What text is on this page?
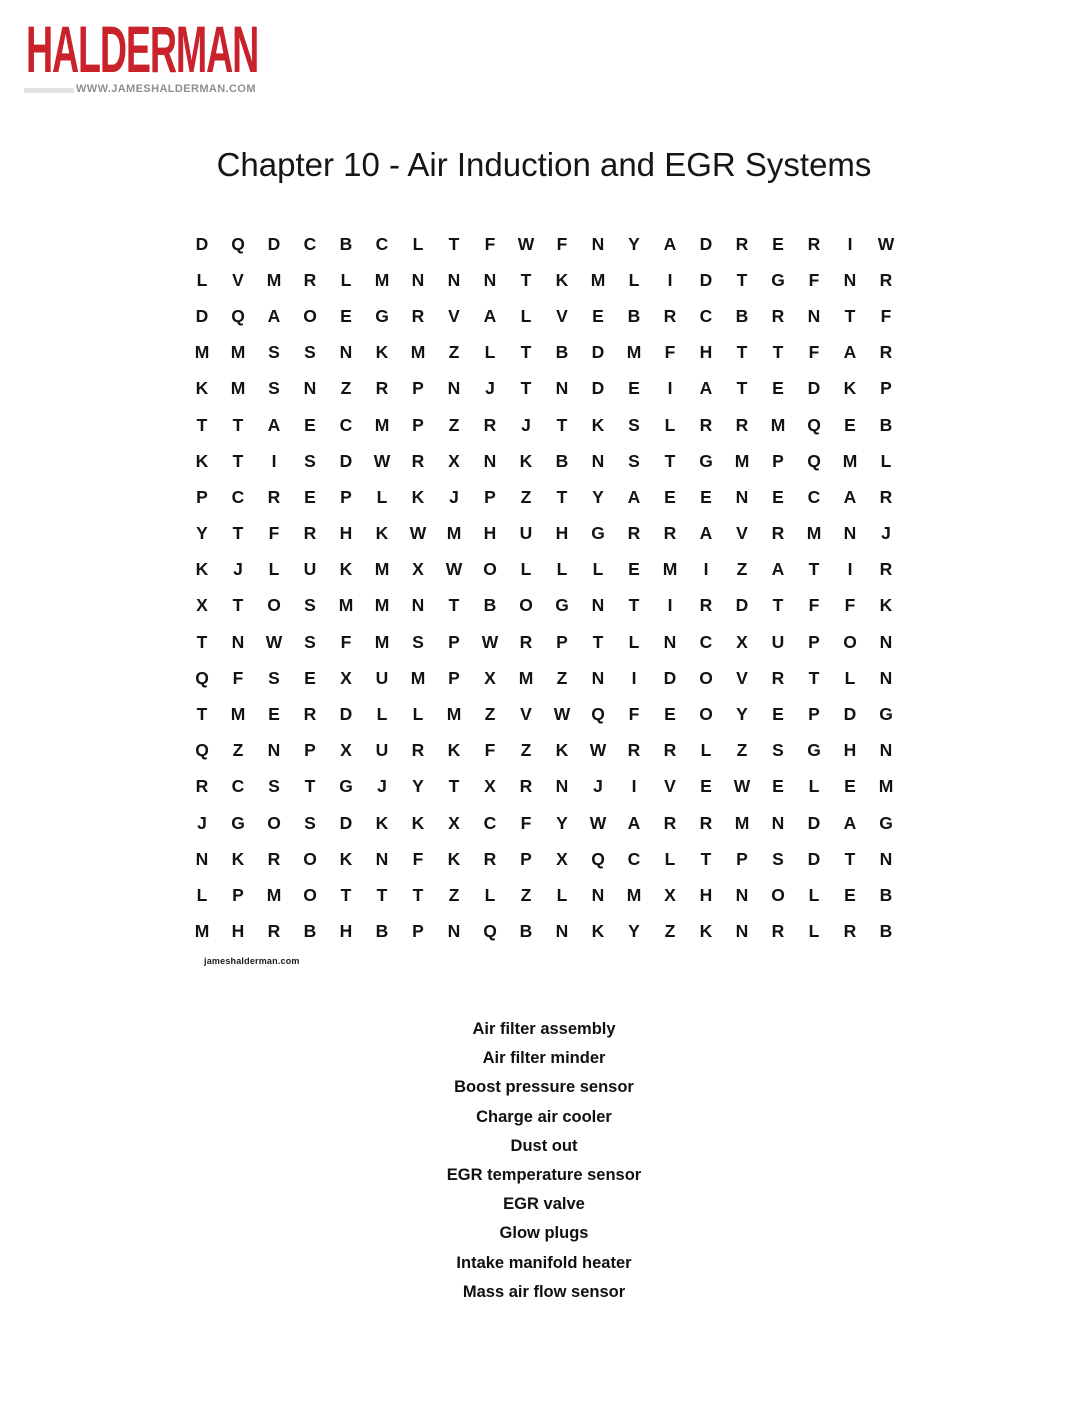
HALDERMAN
WWW.JAMESHALDERMAN.COM
Chapter 10 - Air Induction and EGR Systems
D	Q	D	C	B	C	L	T	F	W	F	N	Y	A	D	R	E	R	I	W
L	V	M	R	L	M	N	N	N	T	K	M	L	I	D	T	G	F	N	R
D	Q	A	O	E	G	R	V	A	L	V	E	B	R	C	B	R	N	T	F
M	M	S	S	N	K	M	Z	L	T	B	D	M	F	H	T	T	F	A	R
K	M	S	N	Z	R	P	N	J	T	N	D	E	I	A	T	E	D	K	P
T	T	A	E	C	M	P	Z	R	J	T	K	S	L	R	R	M	Q	E	B
K	T	I	S	D	W	R	X	N	K	B	N	S	T	G	M	P	Q	M	L
P	C	R	E	P	L	K	J	P	Z	T	Y	A	E	E	N	E	C	A	R
Y	T	F	R	H	K	W	M	H	U	H	G	R	R	A	V	R	M	N	J
K	J	L	U	K	M	X	W	O	L	L	L	E	M	I	Z	A	T	I	R
X	T	O	S	M	M	N	T	B	O	G	N	T	I	R	D	T	F	F	K
T	N	W	S	F	M	S	P	W	R	P	T	L	N	C	X	U	P	O	N
Q	F	S	E	X	U	M	P	X	M	Z	N	I	D	O	V	R	T	L	N
T	M	E	R	D	L	L	M	Z	V	W	Q	F	E	O	Y	E	P	D	G
Q	Z	N	P	X	U	R	K	F	Z	K	W	R	R	L	Z	S	G	H	N
R	C	S	T	G	J	Y	T	X	R	N	J	I	V	E	W	E	L	E	M
J	G	O	S	D	K	K	X	C	F	Y	W	A	R	R	M	N	D	A	G
N	K	R	O	K	N	F	K	R	P	X	Q	C	L	T	P	S	D	T	N
L	P	M	O	T	T	T	Z	L	Z	L	N	M	X	H	N	O	L	E	B
M	H	R	B	H	B	P	N	Q	B	N	K	Y	Z	K	N	R	L	R	B
jameshalderman.com
Air filter assembly
Air filter minder
Boost pressure sensor
Charge air cooler
Dust out
EGR temperature sensor
EGR valve
Glow plugs
Intake manifold heater
Mass air flow sensor
